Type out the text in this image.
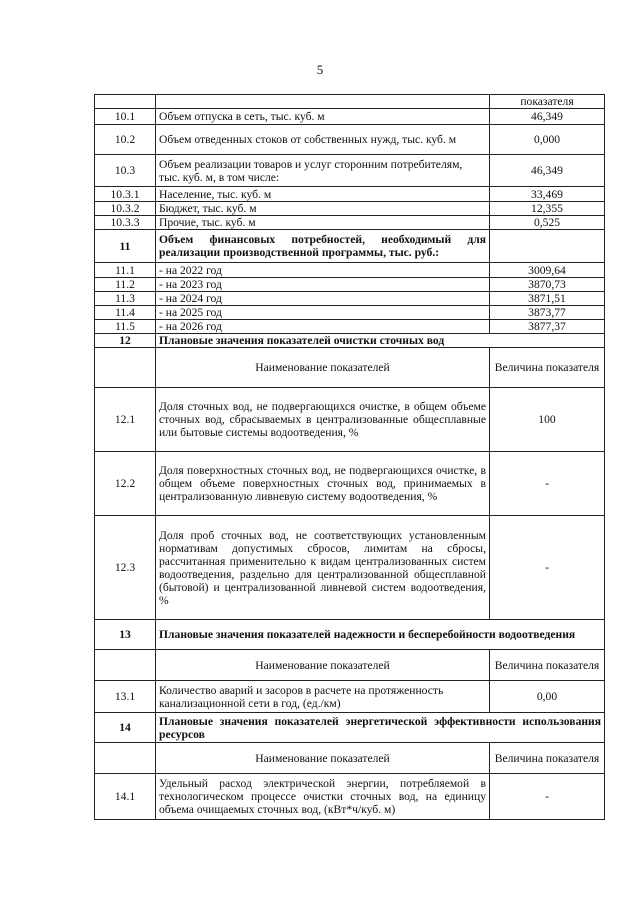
5
		показателя
10.1	Объем отпуска в сеть, тыс. куб. м	46,349
10.2	Объем отведенных стоков от собственных нужд, тыс. куб. м	0,000
10.3	Объем реализации товаров и услуг сторонним потребителям, тыс. куб. м, в том числе:	46,349
10.3.1	Население, тыс. куб. м	33,469
10.3.2	Бюджет, тыс. куб. м	12,355
10.3.3	Прочие, тыс. куб. м	0,525
11	Объем финансовых потребностей, необходимый для реализации производственной программы, тыс. руб.:	
11.1	- на 2022 год	3009,64
11.2	- на 2023 год	3870,73
11.3	- на 2024 год	3871,51
11.4	- на 2025 год	3873,77
11.5	- на 2026 год	3877,37
12	Плановые значения показателей очистки сточных вод	
	Наименование показателей	Величина показателя
12.1	Доля сточных вод, не подвергающихся очистке, в общем объеме сточных вод, сбрасываемых в централизованные общесплавные или бытовые системы водоотведения, %	100
12.2	Доля поверхностных сточных вод, не подвергающихся очистке, в общем объеме поверхностных сточных вод, принимаемых в централизованную ливневую систему водоотведения, %	-
12.3	Доля проб сточных вод, не соответствующих установленным нормативам допустимых сбросов, лимитам на сбросы, рассчитанная применительно к видам централизованных систем водоотведения, раздельно для централизованной общесплавной (бытовой) и централизованной ливневой систем водоотведения, %	-
13	Плановые значения показателей надежности и бесперебойности водоотведения	
	Наименование показателей	Величина показателя
13.1	Количество аварий и засоров в расчете на протяженность канализационной сети в год, (ед./км)	0,00
14	Плановые значения показателей энергетической эффективности использования ресурсов	
	Наименование показателей	Величина показателя
14.1	Удельный расход электрической энергии, потребляемой в технологическом процессе очистки сточных вод, на единицу объема очищаемых сточных вод, (кВт*ч/куб. м)	-
